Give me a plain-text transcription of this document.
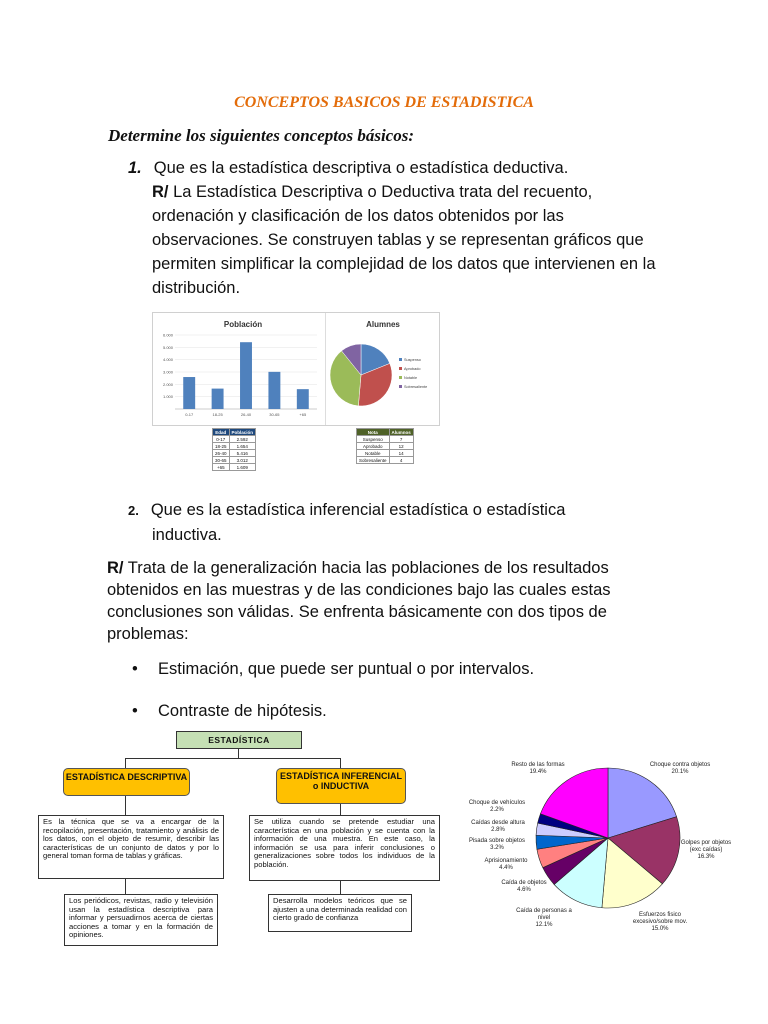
CONCEPTOS BASICOS DE ESTADISTICA
Determine los siguientes conceptos básicos:
1. Que es la estadística descriptiva o estadística deductiva.
R/ La Estadística Descriptiva o Deductiva trata del recuento,
ordenación y clasificación de los datos obtenidos por las observaciones. Se construyen tablas y se representan gráficos que permiten simplificar la complejidad de los datos que intervienen en la distribución.
Población
1.000
2.000
3.000
4.000
5.000
6.000
0-17	18-25	26-40	30-65	+65
Alumnes
Suspenso
Aprobado
Notable
Sobresaliente
Edad	Población
0-17	2.592
18-25	1.654
26-40	5.416
30-65	3.012
+65	1.609
Nota	Alumnos
Suspenso	7
Aprobado	12
Notable	14
Sobresaliente	4
2. Que es la estadística inferencial estadística o estadística
inductiva.
R/ Trata de la generalización hacia las poblaciones de los resultados obtenidos en las muestras y de las condiciones bajo las cuales estas conclusiones son válidas. Se enfrenta básicamente con dos tipos de problemas:
• Estimación, que puede ser puntual o por intervalos.
• Contraste de hipótesis.
ESTADÍSTICA
ESTADÍSTICA DESCRIPTIVA	ESTADÍSTICA INFERENCIAL o INDUCTIVA
Es la técnica que se va a encargar de la recopilación, presentación, tratamiento y análisis de los datos, con el objeto de resumir, describir las características de un conjunto de datos y por lo general toman forma de tablas y gráficas.
Se utiliza cuando se pretende estudiar una característica en una población y se cuenta con la información de una muestra. En este caso, la información se usa para inferir conclusiones o generalizaciones sobre todos los individuos de la población.
Los periódicos, revistas, radio y televisión usan la estadística descriptiva para informar y persuadirnos acerca de ciertas acciones a tomar y en la formación de opiniones.
Desarrolla modelos teóricos que se ajusten a una determinada realidad con cierto grado de confianza
Resto de las formas
19.4%
Choque contra objetos
20.1%
Golpes por objetos
(exc caídas)
16.3%
Esfuerzos fisico
excesivo/sobre mov.
15.0%
Caída de personas a
nivel
12.1%
Caída de objetos
4.6%
Aprisionamiento
4.4%
Pisada sobre objetos
3.2%
Caídas desde altura
2.8%
Choque de vehículos
2.2%
